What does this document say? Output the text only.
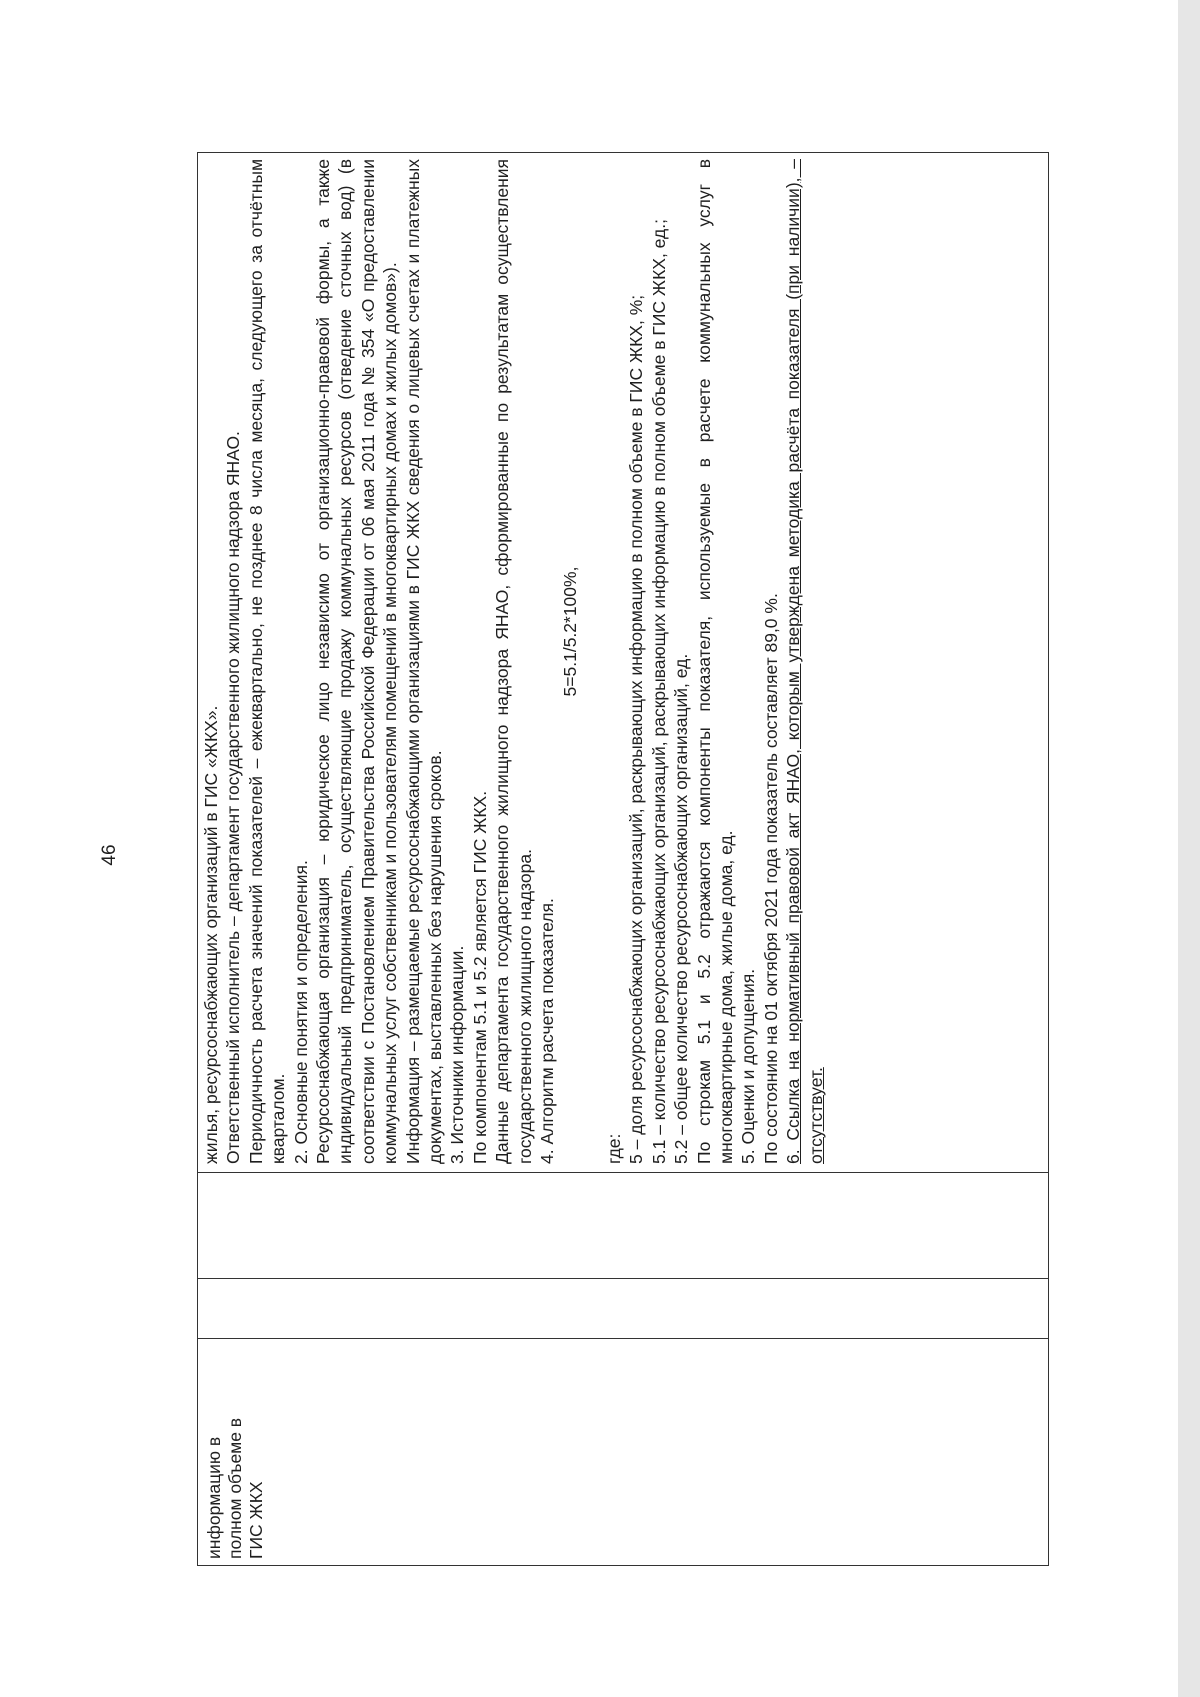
46
информацию в полном объеме в ГИС ЖКХ

жилья, ресурсоснабжающих организаций в ГИС «ЖКХ». Ответственный исполнитель – департамент государственного жилищного надзора ЯНАО. Периодичность расчета значений показателей – ежеквартально, не позднее 8 числа месяца, следующего за отчётным кварталом. 2. Основные понятия и определения. Ресурсоснабжающая организация – юридическое лицо независимо от организационно-правовой формы, а также индивидуальный предприниматель, осуществляющие продажу коммунальных ресурсов (отведение сточных вод) (в соответствии с Постановлением Правительства Российской Федерации от 06 мая 2011 года № 354 «О предоставлении коммунальных услуг собственникам и пользователям помещений в многоквартирных домах и жилых домов»). Информация – размещаемые ресурсоснабжающими организациями в ГИС ЖКХ сведения о лицевых счетах и платежных документах, выставленных без нарушения сроков. 3. Источники информации. По компонентам 5.1 и 5.2 является ГИС ЖКХ. Данные департамента государственного жилищного надзора ЯНАО, сформированные по результатам осуществления государственного жилищного надзора. 4. Алгоритм расчета показателя.

5=5.1/5.2*100%,

где: 5 – доля ресурсоснабжающих организаций, раскрывающих информацию в полном объеме в ГИС ЖКХ, %; 5.1 – количество ресурсоснабжающих организаций, раскрывающих информацию в полном объеме в ГИС ЖКХ, ед.; 5.2 – общее количество ресурсоснабжающих организаций, ед. По строкам 5.1 и 5.2 отражаются компоненты показателя, используемые в расчете коммунальных услуг в многоквартирные дома, жилые дома, ед. 5. Оценки и допущения. По состоянию на 01 октября 2021 года показатель составляет 89,0 %. 6. Ссылка на нормативный правовой акт ЯНАО, которым утверждена методика расчёта показателя (при наличии), – отсутствует.
